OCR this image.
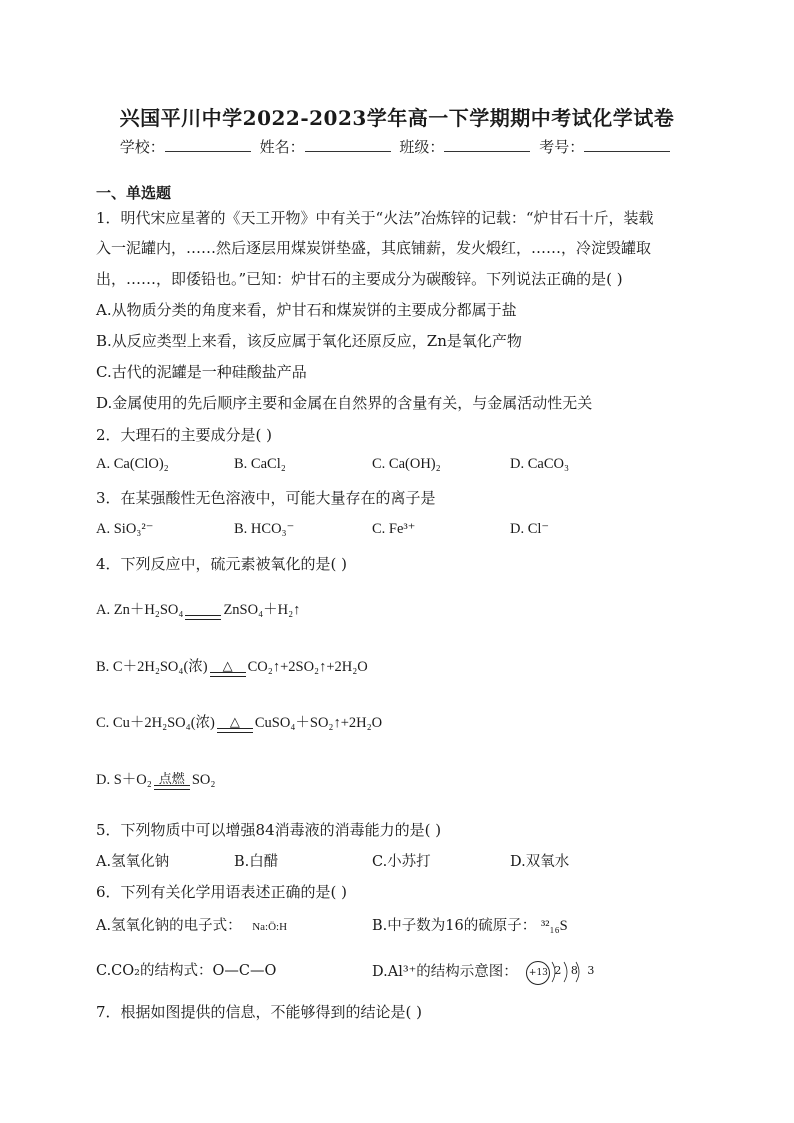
兴国平川中学2022-2023学年高一下学期期中考试化学试卷
学校：	姓名：	班级：	考号：
一、单选题
1．明代宋应星著的《天工开物》中有关于“火法”冶炼锌的记载：“炉甘石十斤，装载
入一泥罐内，……然后逐层用煤炭饼垫盛，其底铺薪，发火煅红，……，冷淀毁罐取
出，……，即倭铅也。”已知：炉甘石的主要成分为碳酸锌。下列说法正确的是( )
A.从物质分类的角度来看，炉甘石和煤炭饼的主要成分都属于盐
B.从反应类型上来看，该反应属于氧化还原反应，Zn是氧化产物
C.古代的泥罐是一种硅酸盐产品
D.金属使用的先后顺序主要和金属在自然界的含量有关，与金属活动性无关
2．大理石的主要成分是( )
A. Ca(ClO)₂	B. CaCl₂	C. Ca(OH)₂	D. CaCO₃
3．在某强酸性无色溶液中，可能大量存在的离子是
A. SiO₃²⁻	B. HCO₃⁻	C. Fe³⁺	D. Cl⁻
4．下列反应中，硫元素被氧化的是( )
A. Zn＋H₂SO₄
	ZnSO₄＋H₂↑
B. C＋2H₂SO₄(浓)	△	CO₂↑+2SO₂↑+2H₂O
C. Cu＋2H₂SO₄(浓)	△	CuSO₄＋SO₂↑+2H₂O
D. S＋O₂ 点燃 SO₂
5．下列物质中可以增强84消毒液的消毒能力的是( )
A.氢氧化钠	B.白醋	C.小苏打	D.双氧水
6．下列有关化学用语表述正确的是( )
A.氢氧化钠的电子式： Na:Ö:H	B.中子数为16的硫原子： ³²₁₆S
C.CO₂的结构式：O—C—O	D.Al³⁺的结构示意图： +13 2 8 3
7．根据如图提供的信息，不能够得到的结论是( )
